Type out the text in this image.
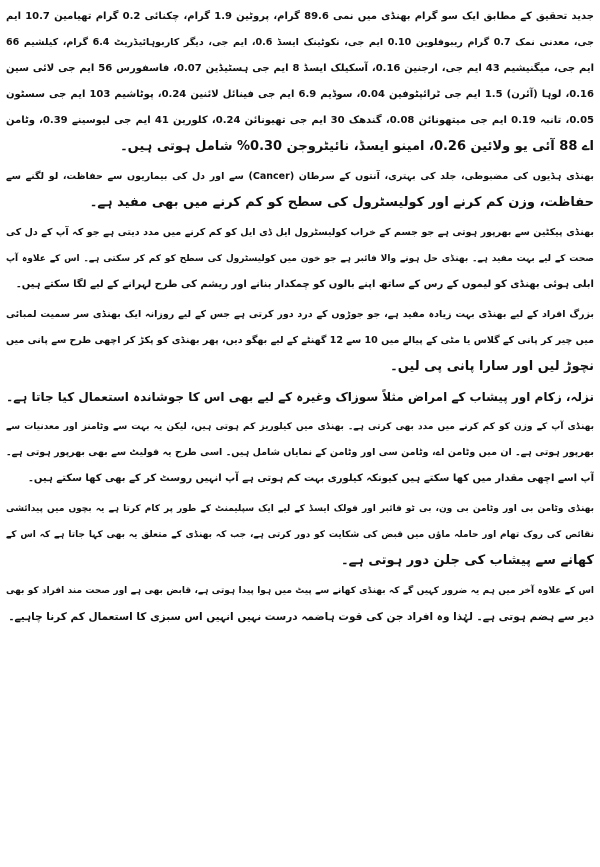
جدید تحقیق کے مطابق ایک سو گرام بھنڈی میں نمی 89.6 گرام، پروٹین 1.9 گرام، چکنائی 0.2 گرام تھیامین 10.7 ایم
جی، معدنی نمک 0.7 گرام ریبوفلوین 0.10 ایم جی، نکوٹینک ایسڈ 0.6، ایم جی، دیگر کاربوہائیڈریٹ 6.4 گرام، کیلشیم 66
ایم جی، میگنیشیم 43 ایم جی، ارجنین 0.16، آسکیلک ایسڈ 8 ایم جی ہسٹیڈین 0.07، فاسفورس 56 ایم جی لائی سین
0.16، لوہا (آئرن) 1.5 ایم جی ٹرائپٹوفین 0.04، سوڈیم 6.9 ایم جی فینائل لائنین 0.24، پوٹاشیم 103 ایم جی سسٹون
0.05، تانبہ 0.19 ایم جی میتھونائن 0.08، گندھک 30 ایم جی تھیونائن 0.24، کلورین 41 ایم جی لیوسینے 0.39، وٹامن
اے 88 آئی یو ولائین 0.26، امینو ایسڈ، نائیٹروجن 0.30% شامل ہوتی ہیں۔
بھنڈی ہڈیوں کی مضبوطی، جلد کی بہتری، آنتوں کے سرطان (Cancer) سے اور دل کی بیماریوں سے حفاظت، لو لگنے سے
حفاظت، وزن کم کرنے اور کولیسٹرول کی سطح کو کم کرنے میں بھی مفید ہے۔
بھنڈی پیکٹین سے بھرپور ہوتی ہے جو جسم کے خراب کولیسٹرول ایل ڈی ایل کو کم کرنے میں مدد دیتی ہے جو کہ آپ کے دل کی
صحت کے لیے بہت مفید ہے۔ بھنڈی حل ہونے والا فائبر ہے جو خون میں کولیسٹرول کی سطح کو کم کر سکتی ہے۔ اس کے علاوہ آپ
ابلی ہوئی بھنڈی کو لیموں کے رس کے ساتھ اپنے بالوں کو چمکدار بنانے اور ریشم کی طرح لہرانے کے لیے لگا سکتے ہیں۔
بزرگ افراد کے لیے بھنڈی بہت زیادہ مفید ہے، جو جوڑوں کے درد دور کرتی ہے جس کے لیے روزانہ ایک بھنڈی سر سمیت لمبائی
میں چیر کر پانی کے گلاس یا مٹی کے پیالے میں 10 سے 12 گھنٹے کے لیے بھگو دیں، پھر بھنڈی کو پکڑ کر اچھی طرح سے پانی میں
نچوڑ لیں اور سارا پانی پی لیں۔
نزلہ، زکام اور پیشاب کے امراض مثلاً سوزاک وغیرہ کے لیے بھی اس کا جوشاندہ استعمال کیا جاتا ہے۔
بھنڈی آپ کے وزن کو کم کرنے میں مدد بھی کرتی ہے۔ بھنڈی میں کیلوریز کم ہوتی ہیں، لیکن یہ بہت سے وٹامنز اور معدنیات سے
بھرپور ہوتی ہے۔ ان میں وٹامن اے، وٹامن سی اور وٹامن کے نمایاں شامل ہیں۔ اسی طرح یہ فولیٹ سے بھی بھرپور ہوتی ہے۔
آپ اسے اچھی مقدار میں کھا سکتے ہیں کیونکہ کیلوری بہت کم ہوتی ہے آپ انہیں روسٹ کر کے بھی کھا سکتے ہیں۔
بھنڈی وٹامن بی اور وٹامن بی ون، بی ٹو فائبر اور فولک ایسڈ کے لیے ایک سپلیمنٹ کے طور پر کام کرتا ہے یہ بچوں میں پیدائشی
نقائص کی روک تھام اور حاملہ ماؤں میں قبض کی شکایت کو دور کرتی ہے، جب کہ بھنڈی کے متعلق یہ بھی کہا جاتا ہے کہ اس کے
کھانے سے پیشاب کی جلن دور ہوتی ہے۔
اس کے علاوہ آخر میں ہم یہ ضرور کہیں گے کہ بھنڈی کھانے سے پیٹ میں ہوا پیدا ہوتی ہے، قابض بھی ہے اور صحت مند افراد کو بھی
دیر سے ہضم ہوتی ہے۔ لہٰذا وہ افراد جن کی قوت ہاضمہ درست نہیں انہیں اس سبزی کا استعمال کم کرنا چاہیے۔
